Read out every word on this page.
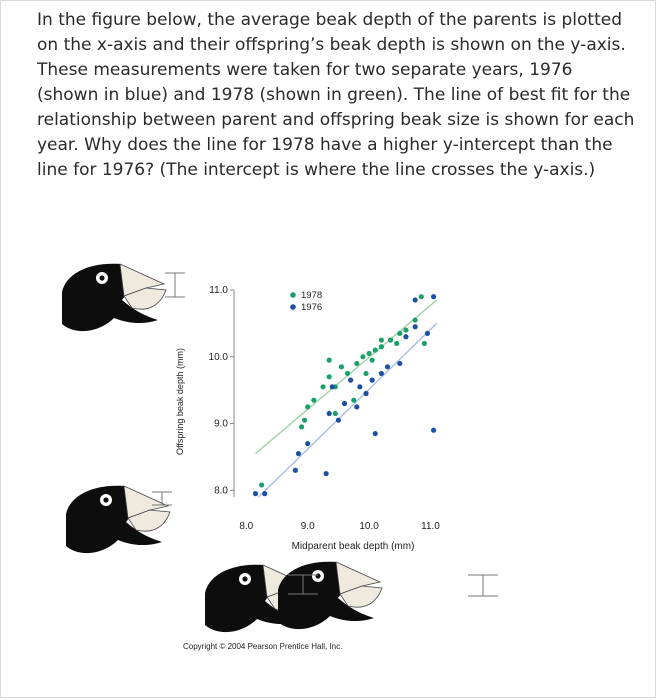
In the figure below, the average beak depth of the parents is plotted on the x-axis and their offspring’s beak depth is shown on the y-axis. These measurements were taken for two separate years, 1976 (shown in blue) and 1978 (shown in green). The line of best fit for the relationship between parent and offspring beak size is shown for each year. Why does the line for 1978 have a higher y-intercept than the line for 1976? (The intercept is where the line crosses the y-axis.)

8.0
9.0
10.0
11.0
8.0	9.0	10.0	11.0
Midparent beak depth (mm)
Offspring beak depth (mm)
1978
1976
Copyright © 2004 Pearson Prentice Hall, Inc.
